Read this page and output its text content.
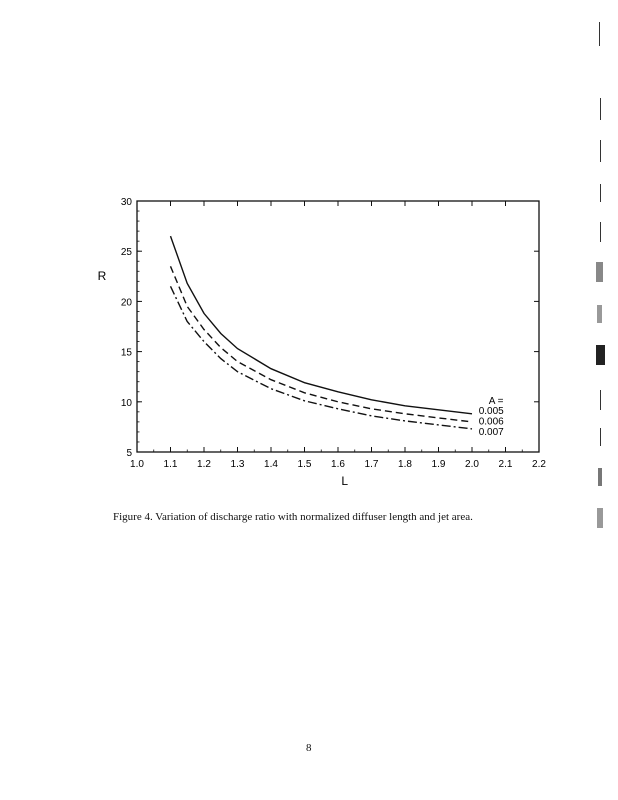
1.0 1.1 1.2 1.3 1.4 1.5 1.6 1.7 1.8 1.9 2.0 2.1 2.2
5
10
15
20
25
30
L
R
A =
0.005
0.006
0.007
Figure 4. Variation of discharge ratio with normalized diffuser length and jet area.
8
